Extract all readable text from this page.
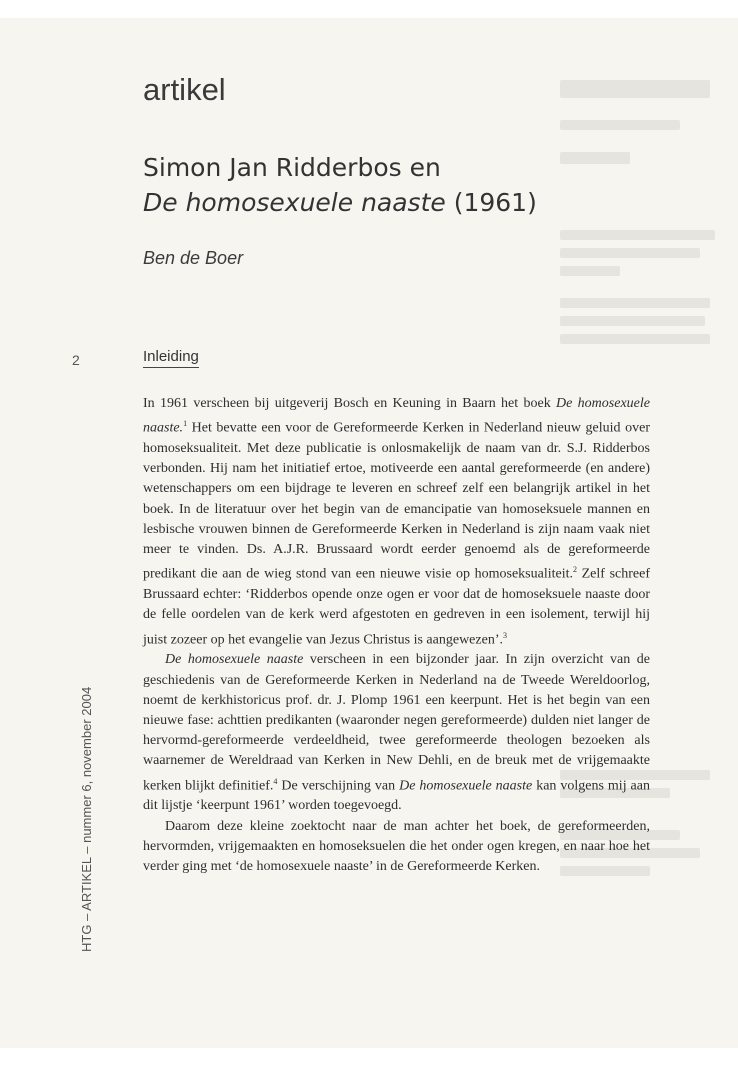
artikel
Simon Jan Ridderbos en
De homosexuele naaste (1961)

Ben de Boer

2	Inleiding

In 1961 verscheen bij uitgeverij Bosch en Keuning in Baarn het boek De homosexuele naaste.$^1$ Het bevatte een voor de Gereformeerde Kerken in Nederland nieuw geluid over homoseksualiteit. Met deze publicatie is onlosmakelijk de naam van dr. S.J. Ridderbos verbonden. Hij nam het initiatief ertoe, motiveerde een aantal gereformeerde (en andere) wetenschappers om een bijdrage te leveren en schreef zelf een belangrijk artikel in het boek. In de literatuur over het begin van de emancipatie van homoseksuele mannen en lesbische vrouwen binnen de Gereformeerde Kerken in Nederland is zijn naam vaak niet meer te vinden. Ds. A.J.R. Brussaard wordt eerder genoemd als de gereformeerde predikant die aan de wieg stond van een nieuwe visie op homoseksualiteit.$^2$ Zelf schreef Brussaard echter: ‘Ridderbos opende onze ogen er voor dat de homoseksuele naaste door de felle oordelen van de kerk werd afgestoten en gedreven in een isolement, terwijl hij juist zozeer op het evangelie van Jezus Christus is aangewezen’.$^3$

De homosexuele naaste verscheen in een bijzonder jaar. In zijn overzicht van de geschiedenis van de Gereformeerde Kerken in Nederland na de Tweede Wereldoorlog, noemt de kerkhistoricus prof. dr. J. Plomp 1961 een keerpunt. Het is het begin van een nieuwe fase: achttien predikanten (waaronder negen gereformeerde) dulden niet langer de hervormd-gereformeerde verdeeldheid, twee gereformeerde theologen bezoeken als waarnemer de Wereldraad van Kerken in New Dehli, en de breuk met de vrijgemaakte kerken blijkt definitief.$^4$ De verschijning van De homosexuele naaste kan volgens mij aan dit lijstje ‘keerpunt 1961’ worden toegevoegd.

Daarom deze kleine zoektocht naar de man achter het boek, de gereformeerden, hervormden, vrijgemaakten en homoseksuelen die het onder ogen kregen, en naar hoe het verder ging met ‘de homosexuele naaste’ in de Gereformeerde Kerken.

HTG – ARTIKEL – nummer 6, november 2004
